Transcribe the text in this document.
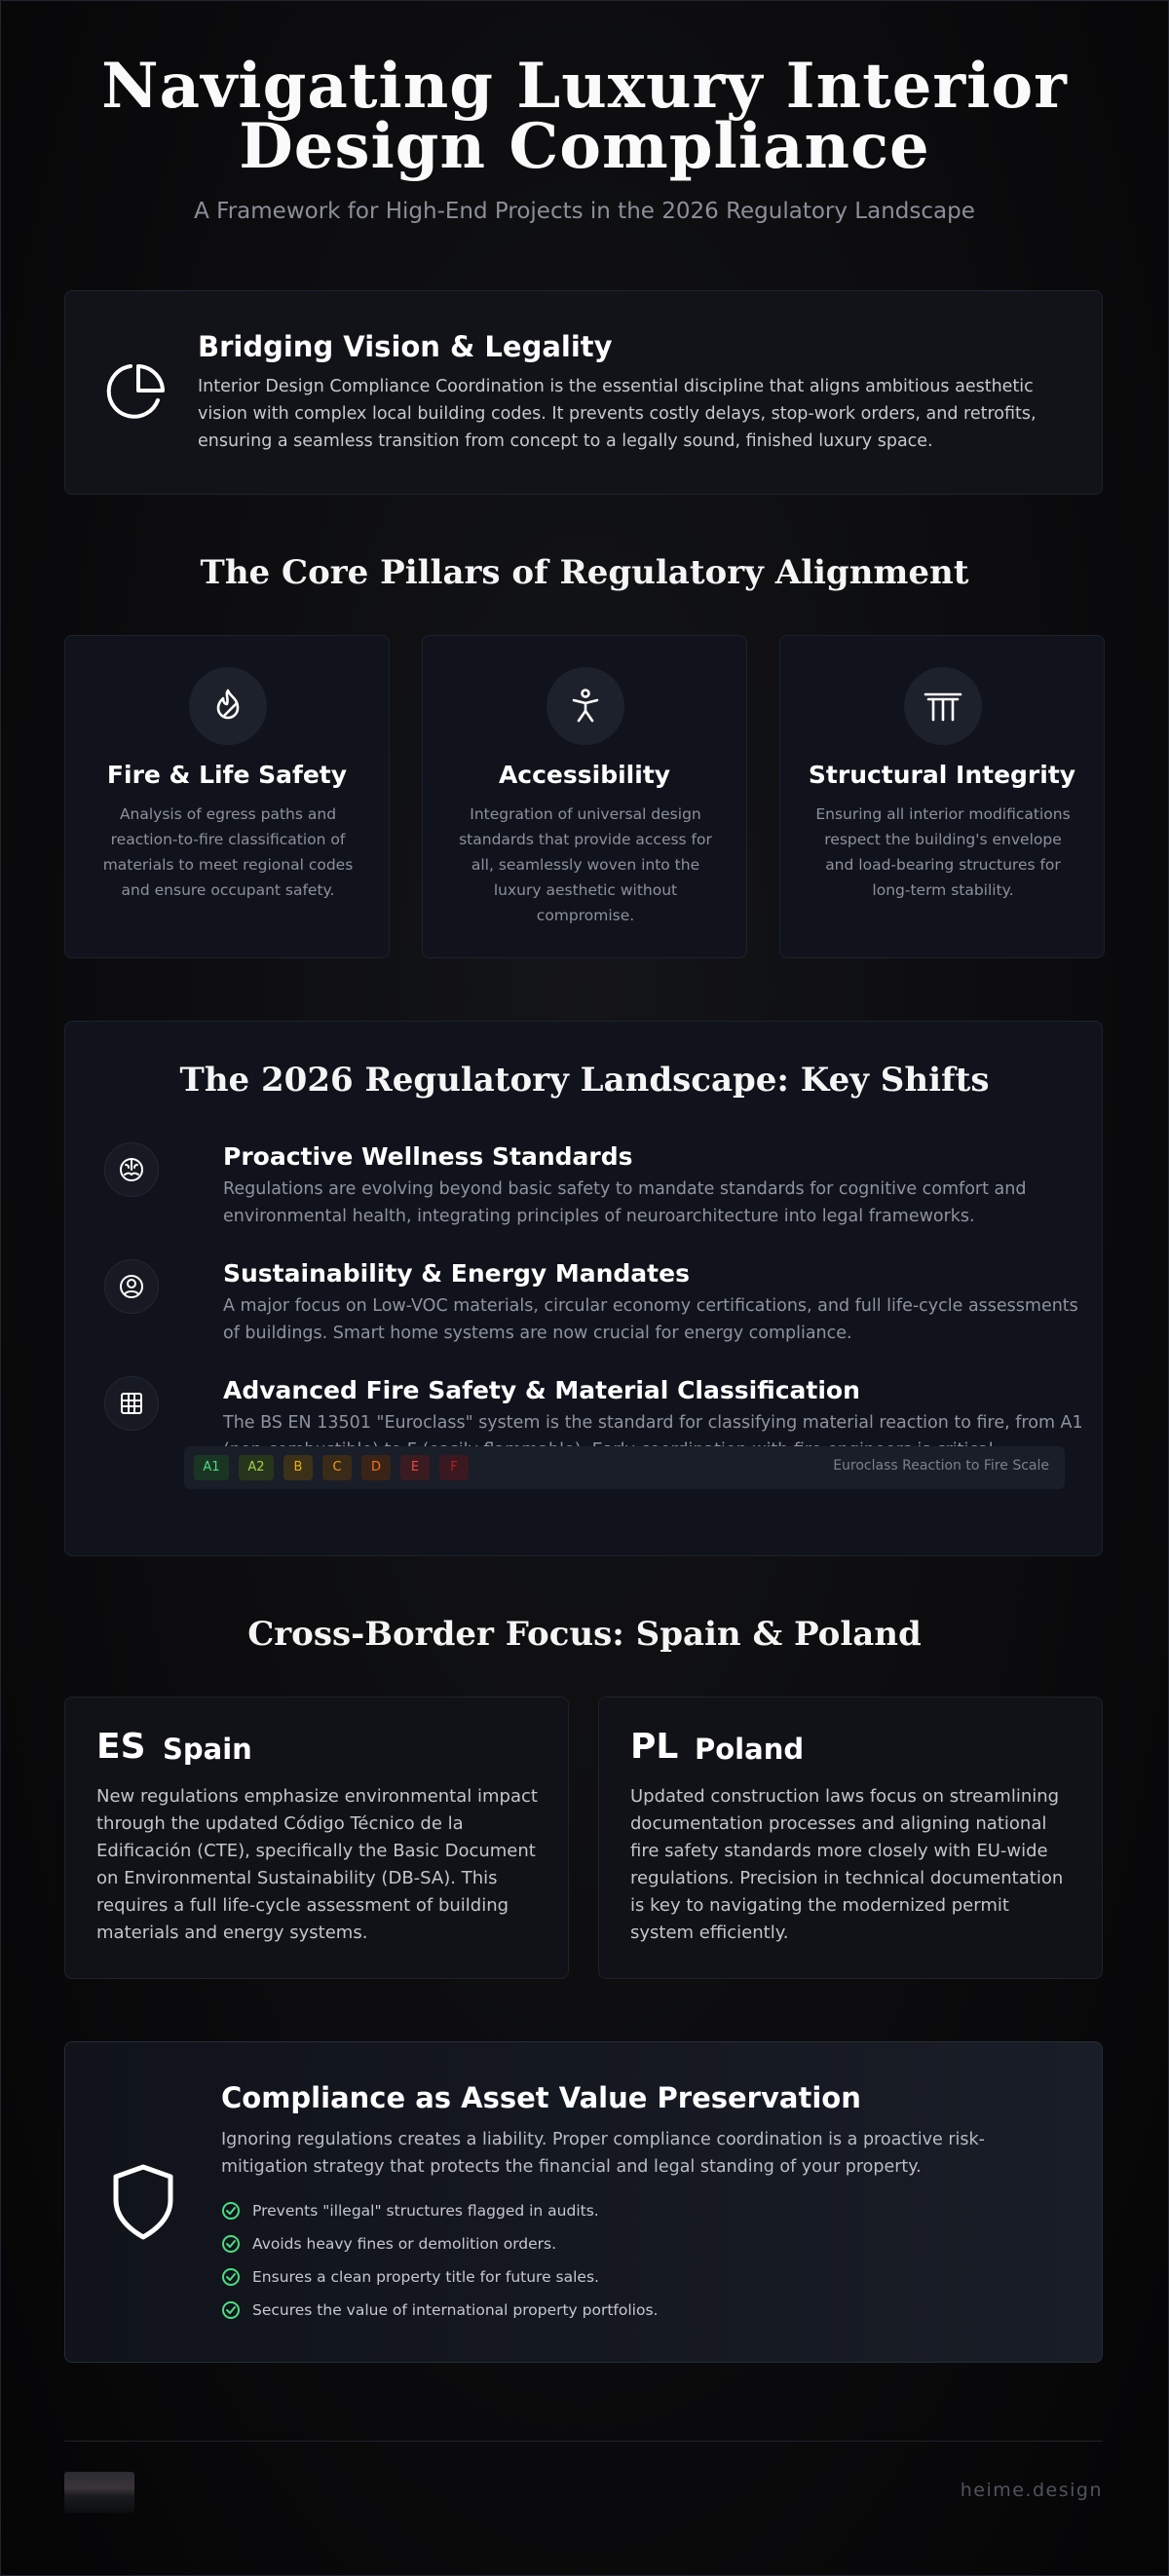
Navigating Luxury Interior
Design Compliance
A Framework for High-End Projects in the 2026 Regulatory Landscape
Bridging Vision & Legality

Interior Design Compliance Coordination is the essential discipline that aligns ambitious aesthetic vision with complex local building codes. It prevents costly delays, stop-work orders, and retrofits, ensuring a seamless transition from concept to a legally sound, finished luxury space.

The Core Pillars of Regulatory Alignment
Fire & Life Safety

Analysis of egress paths and reaction-to-fire classification of materials to meet regional codes and ensure occupant safety.

Accessibility

Integration of universal design standards that provide access for all, seamlessly woven into the luxury aesthetic without compromise.

Structural Integrity

Ensuring all interior modifications respect the building's envelope and load-bearing structures for long-term stability.

The 2026 Regulatory Landscape: Key Shifts
Proactive Wellness Standards

Regulations are evolving beyond basic safety to mandate standards for cognitive comfort and environmental health, integrating principles of neuroarchitecture into legal frameworks.

Sustainability & Energy Mandates

A major focus on Low-VOC materials, circular economy certifications, and full life-cycle assessments of buildings. Smart home systems are now crucial for energy compliance.

Advanced Fire Safety & Material Classification

The BS EN 13501 "Euroclass" system is the standard for classifying material reaction to fire, from A1

A1	A2	B	C	D	E	F	Euroclass Reaction to Fire Scale
Cross-Border Focus: Spain & Poland
ES Spain

New regulations emphasize environmental impact through the updated Código Técnico de la Edificación (CTE), specifically the Basic Document on Environmental Sustainability (DB-SA). This requires a full life-cycle assessment of building materials and energy systems.

PL Poland

Updated construction laws focus on streamlining documentation processes and aligning national fire safety standards more closely with EU-wide regulations. Precision in technical documentation is key to navigating the modernized permit system efficiently.

Compliance as Asset Value Preservation

Ignoring regulations creates a liability. Proper compliance coordination is a proactive risk-mitigation strategy that protects the financial and legal standing of your property.

Prevents "illegal" structures flagged in audits.
Avoids heavy fines or demolition orders.
Ensures a clean property title for future sales.
Secures the value of international property portfolios.
heime.design
